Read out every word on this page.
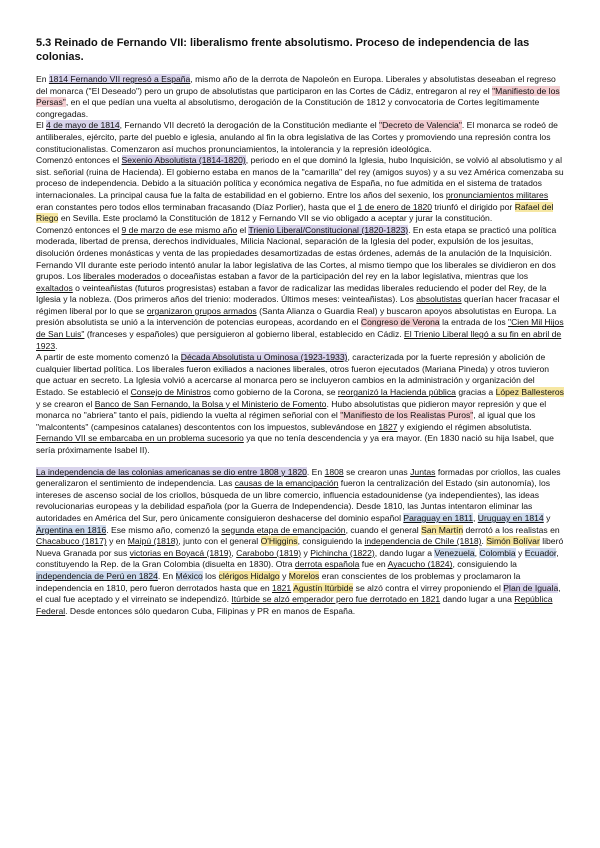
5.3 Reinado de Fernando VII: liberalismo frente absolutismo. Proceso de independencia de las colonias.

En 1814 Fernando VII regresó a España, mismo año de la derrota de Napoleón en Europa. Liberales y absolutistas deseaban el regreso del monarca ("El Deseado") pero un grupo de absolutistas que participaron en las Cortes de Cádiz, entregaron al rey el "Manifiesto de los Persas", en el que pedían una vuelta al absolutismo, derogación de la Constitución de 1812 y convocatoria de Cortes legítimamente congregadas.
El 4 de mayo de 1814, Fernando VII decretó la derogación de la Constitución mediante el "Decreto de Valencia". El monarca se rodeó de antiliberales, ejército, parte del pueblo e iglesia, anulando al fin la obra legislativa de las Cortes y promoviendo una represión contra los constitucionalistas. Comenzaron así muchos pronunciamientos, la intolerancia y la represión ideológica.
Comenzó entonces el Sexenio Absolutista (1814-1820), periodo en el que dominó la Iglesia, hubo Inquisición, se volvió al absolutismo y al sist. señorial (ruina de Hacienda). El gobierno estaba en manos de la "camarilla" del rey (amigos suyos) y a su vez América comenzaba su proceso de independencia. Debido a la situación política y económica negativa de España, no fue admitida en el sistema de tratados internacionales. La principal causa fue la falta de estabilidad en el gobierno. Entre los años del sexenio, los pronunciamientos militares eran constantes pero todos ellos terminaban fracasando (Díaz Porlier), hasta que el 1 de enero de 1820 triunfó el dirigido por Rafael del Riego en Sevilla. Este proclamó la Constitución de 1812 y Fernando VII se vio obligado a aceptar y jurar la constitución.
Comenzó entonces el 9 de marzo de ese mismo año el Trienio Liberal/Constitucional (1820-1823). En esta etapa se practicó una política moderada, libertad de prensa, derechos individuales, Milicia Nacional, separación de la Iglesia del poder, expulsión de los jesuitas, disolución órdenes monásticas y venta de las propiedades desamortizadas de estas órdenes, además de la anulación de la Inquisición. Fernando VII durante este periodo intentó anular la labor legislativa de las Cortes, al mismo tiempo que los liberales se dividieron en dos grupos. Los liberales moderados o doceañistas estaban a favor de la participación del rey en la labor legislativa, mientras que los exaltados o veinteañistas (futuros progresistas) estaban a favor de radicalizar las medidas liberales reduciendo el poder del Rey, de la Iglesia y la nobleza. (Dos primeros años del trienio: moderados. Últimos meses: veinteañistas). Los absolutistas querían hacer fracasar el régimen liberal por lo que se organizaron grupos armados (Santa Alianza o Guardia Real) y buscaron apoyos absolutistas en Europa. La presión absolutista se unió a la intervención de potencias europeas, acordando en el Congreso de Verona la entrada de los "Cien Mil Hijos de San Luis" (franceses y españoles) que persiguieron al gobierno liberal, establecido en Cádiz. El Trienio Liberal llegó a su fin en abril de 1923.
A partir de este momento comenzó la Década Absolutista u Ominosa (1923-1933), caracterizada por la fuerte represión y abolición de cualquier libertad política. Los liberales fueron exiliados a naciones liberales, otros fueron ejecutados (Mariana Pineda) y otros tuvieron que actuar en secreto. La Iglesia volvió a acercarse al monarca pero se incluyeron cambios en la administración y organización del Estado. Se estableció el Consejo de Ministros como gobierno de la Corona, se reorganizó la Hacienda pública gracias a López Ballesteros y se crearon el Banco de San Fernando, la Bolsa y el Ministerio de Fomento. Hubo absolutistas que pidieron mayor represión y que el monarca no "abriera" tanto el país, pidiendo la vuelta al régimen señorial con el "Manifiesto de los Realistas Puros", al igual que los "malcontents" (campesinos catalanes) descontentos con los impuestos, sublevándose en 1827 y exigiendo el régimen absolutista. Fernando VII se embarcaba en un problema sucesorio ya que no tenía descendencia y ya era mayor. (En 1830 nació su hija Isabel, que sería próximamente Isabel II).

La independencia de las colonias americanas se dio entre 1808 y 1820. En 1808 se crearon unas Juntas formadas por criollos, las cuales generalizaron el sentimiento de independencia. Las causas de la emancipación fueron la centralización del Estado (sin autonomía), los intereses de ascenso social de los criollos, búsqueda de un libre comercio, influencia estadounidense (ya independientes), las ideas revolucionarias europeas y la debilidad española (por la Guerra de Independencia). Desde 1810, las Juntas intentaron eliminar las autoridades en América del Sur, pero únicamente consiguieron deshacerse del dominio español Paraguay en 1811, Uruguay en 1814 y Argentina en 1816. Ese mismo año, comenzó la segunda etapa de emancipación, cuando el general San Martín derrotó a los realistas en Chacabuco (1817) y en Maipú (1818), junto con el general O'Higgins, consiguiendo la independencia de Chile (1818). Simón Bolívar liberó Nueva Granada por sus victorias en Boyacá (1819), Carabobo (1819) y Pichincha (1822), dando lugar a Venezuela, Colombia y Ecuador, constituyendo la Rep. de la Gran Colombia (disuelta en 1830). Otra derrota española fue en Ayacucho (1824), consiguiendo la independencia de Perú en 1824. En México los clérigos Hidalgo y Morelos eran conscientes de los problemas y proclamaron la independencia en 1810, pero fueron derrotados hasta que en 1821 Agustín Itúrbide se alzó contra el virrey proponiendo el Plan de Iguala, el cual fue aceptado y el virreinato se independizó. Itúrbide se alzó emperador pero fue derrotado en 1821 dando lugar a una República Federal. Desde entonces sólo quedaron Cuba, Filipinas y PR en manos de España.
